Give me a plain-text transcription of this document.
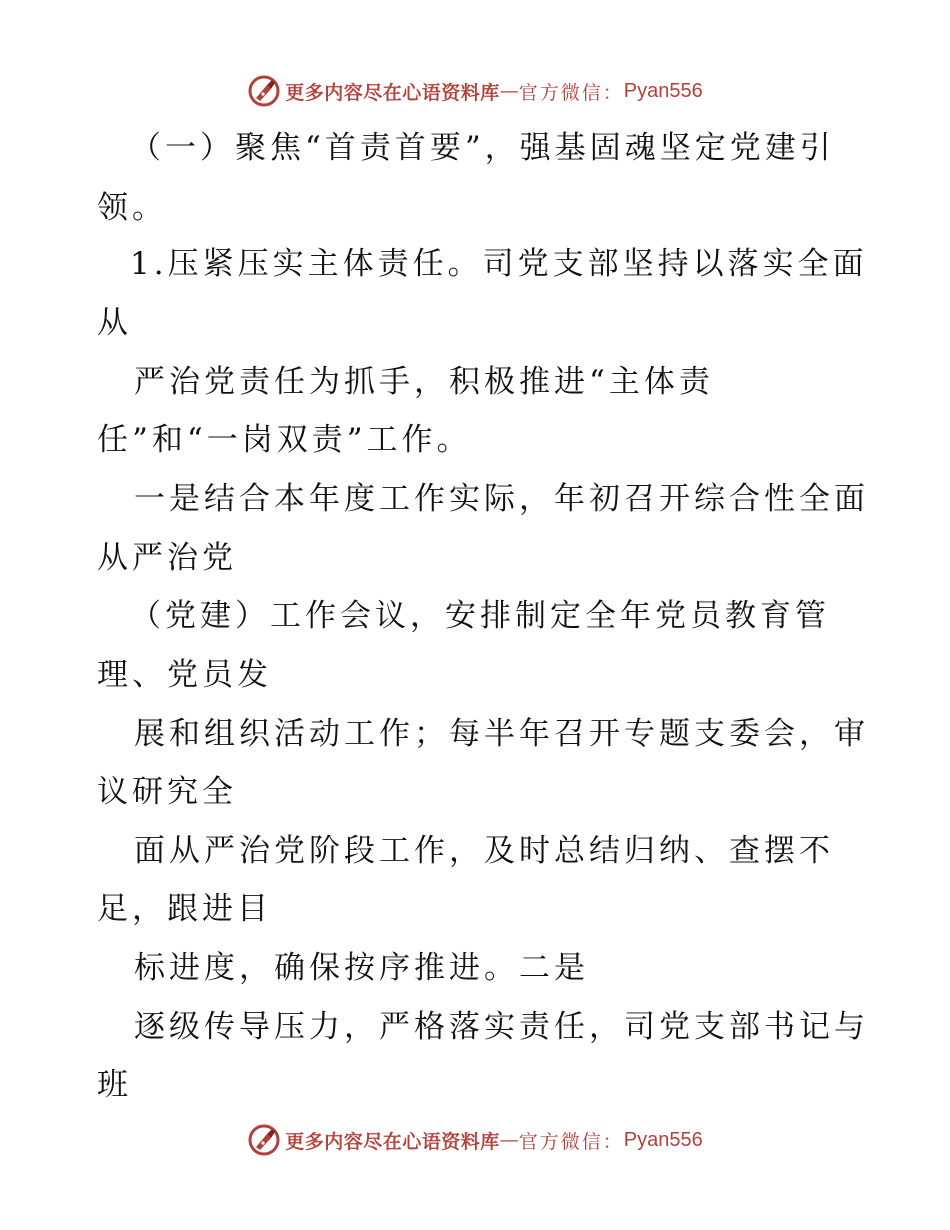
更多内容尽在心语资料库 — 官方微信： Pyan556
（一）聚焦“首责首要”，强基固魂坚定党建引
领。
1.压紧压实主体责任。司党支部坚持以落实全面
从
严治党责任为抓手，积极推进“主体责
任”和“一岗双责”工作。
一是结合本年度工作实际，年初召开综合性全面
从严治党
（党建）工作会议，安排制定全年党员教育管
理、党员发
展和组织活动工作；每半年召开专题支委会，审
议研究全
面从严治党阶段工作，及时总结归纳、查摆不
足，跟进目
标进度，确保按序推进。二是
逐级传导压力，严格落实责任，司党支部书记与
班
更多内容尽在心语资料库 — 官方微信： Pyan556
